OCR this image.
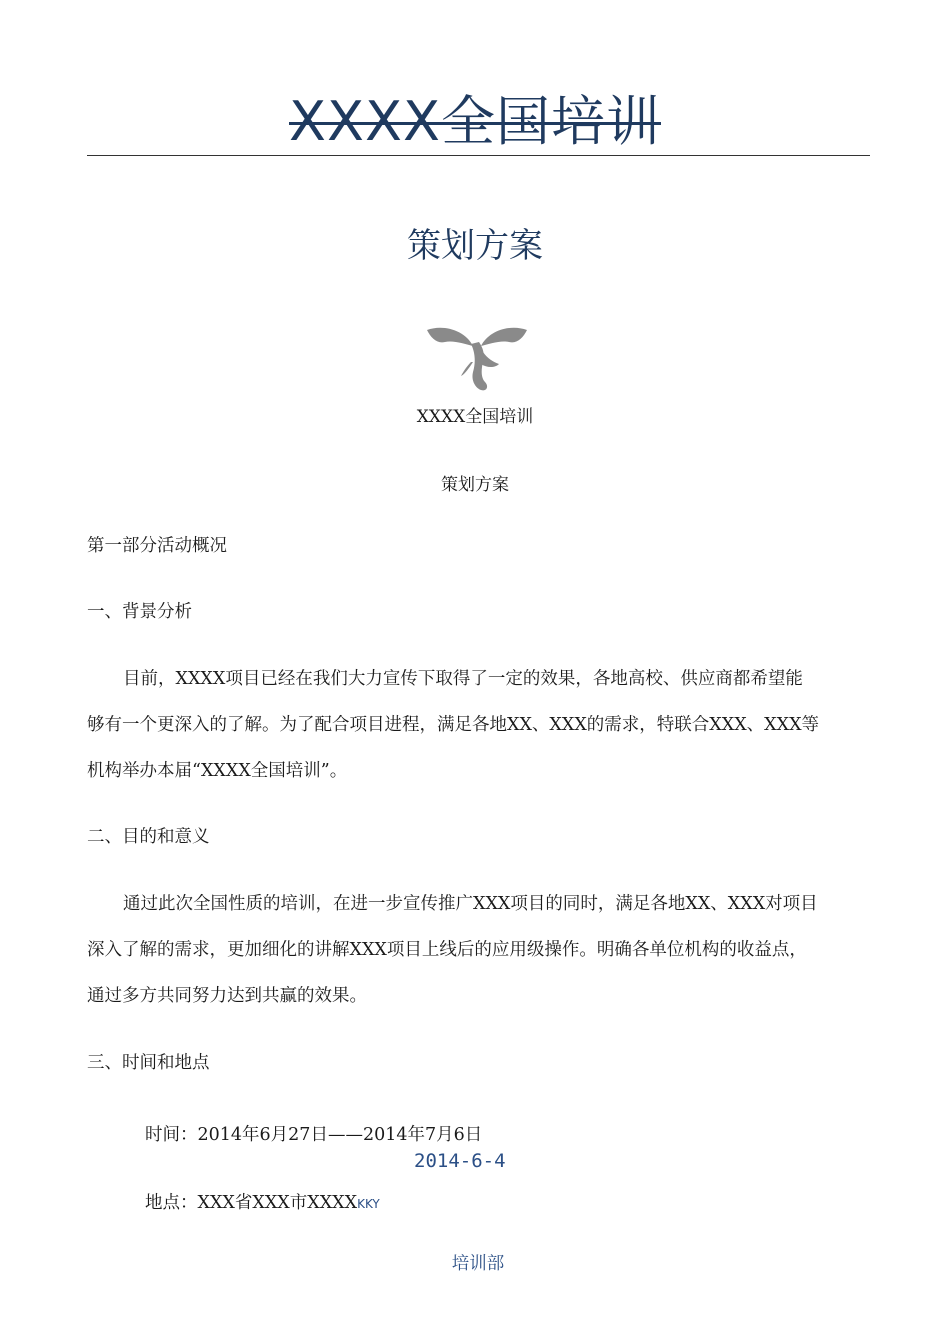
XXXX全国培训
策划方案
XXXX全国培训
策划方案
第一部分活动概况
一、背景分析
目前，XXXX项目已经在我们大力宣传下取得了一定的效果，各地高校、供应商都希望能
够有一个更深入的了解。为了配合项目进程，满足各地XX、XXX的需求，特联合XXX、XXX等
机构举办本届“XXXX全国培训”。
二、目的和意义
通过此次全国性质的培训，在进一步宣传推广XXX项目的同时，满足各地XX、XXX对项目
深入了解的需求，更加细化的讲解XXX项目上线后的应用级操作。明确各单位机构的收益点，
通过多方共同努力达到共赢的效果。
三、时间和地点
时间：2014年6月27日——2014年7月6日
2014-6-4
地点：XXX省XXX市XXXXKKY
培训部
